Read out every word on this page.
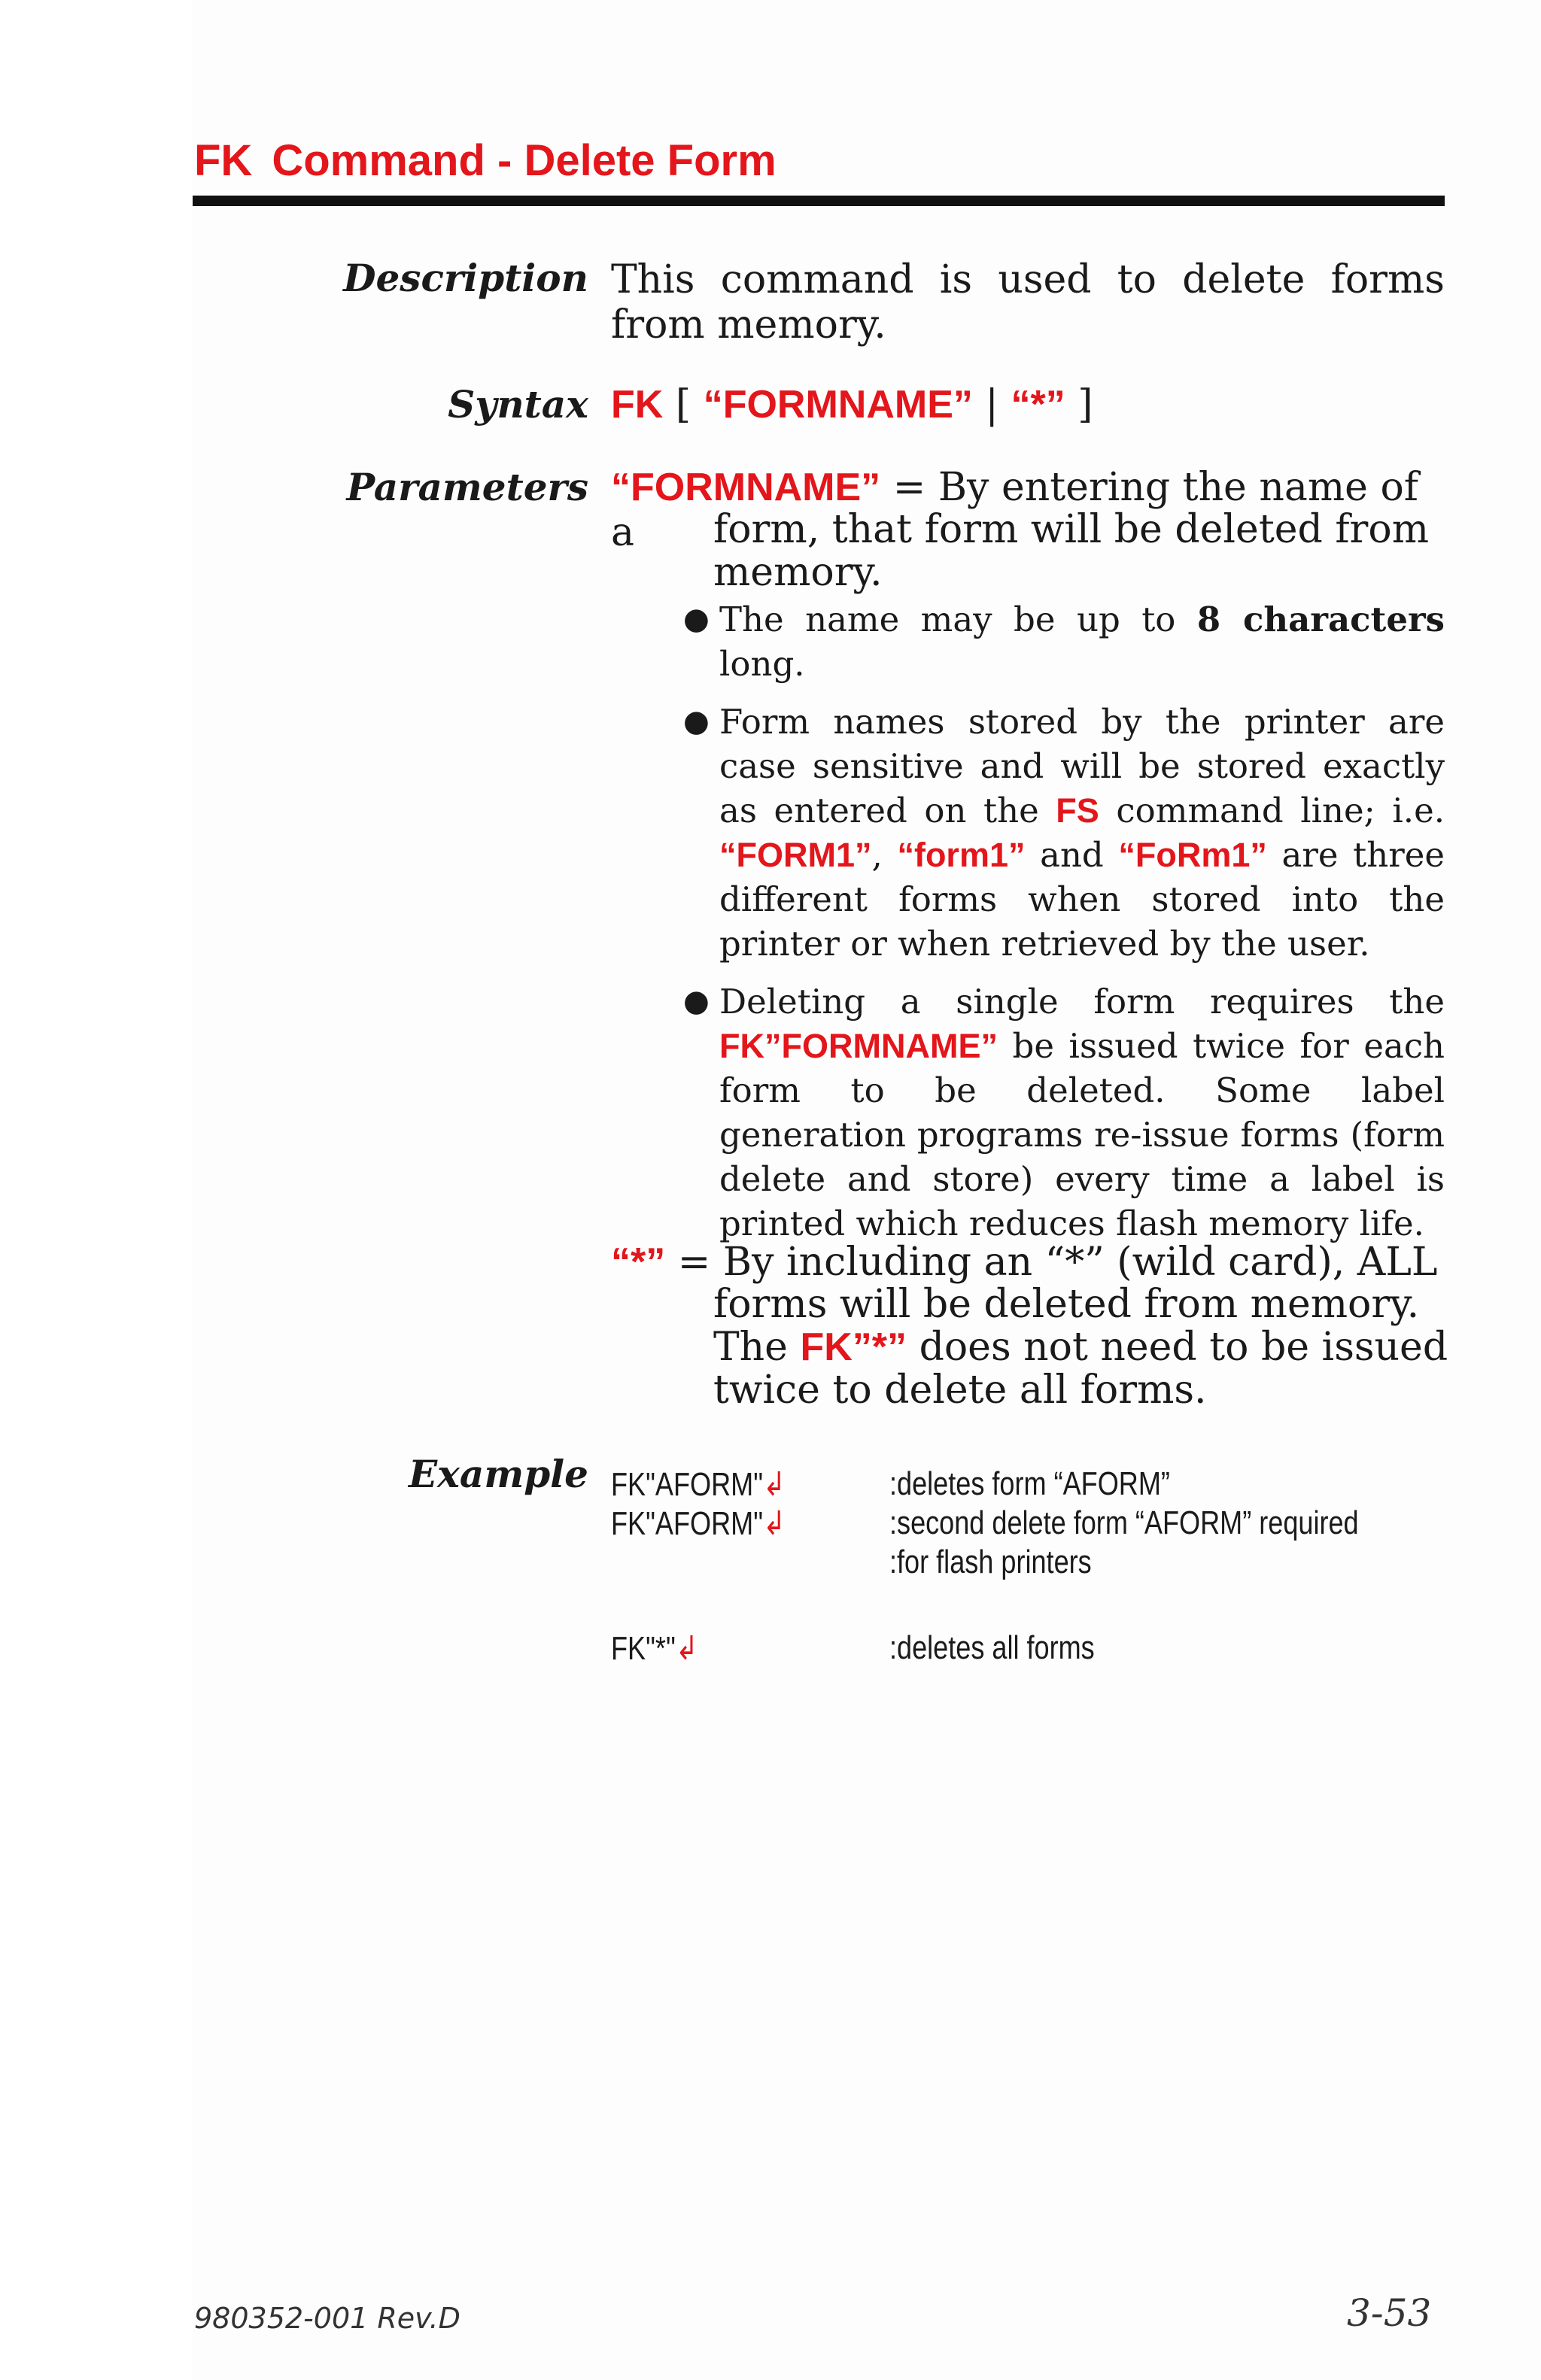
FK Command - Delete Form
Description This command is used to delete forms from memory.
Syntax FK [ “FORMNAME” | “*” ]
Parameters “FORMNAME” = By entering the name of a	form, that form will be deleted from memory.
● The name may be up to 8 characters long.
● Form names stored by the printer are case sensitive and will be stored exactly as entered on the FS command line; i.e. “FORM1”, “form1” and “FoRm1” are three different forms when stored into the printer or when retrieved by the user.
● Deleting a single form requires the FK”FORMNAME” be issued twice for each form to be deleted. Some label generation programs re-issue forms (form delete and store) every time a label is printed which reduces flash memory life.
“*” = By including an “*” (wild card), ALL
forms will be deleted from memory. The FK”*” does not need to be issued twice to delete all forms.
Example FK"AFORM"↲	:deletes form “AFORM”
FK"AFORM"↲	:second delete form “AFORM” required
:for flash printers
FK"*"↲	:deletes all forms
980352-001 Rev.D	3-53
